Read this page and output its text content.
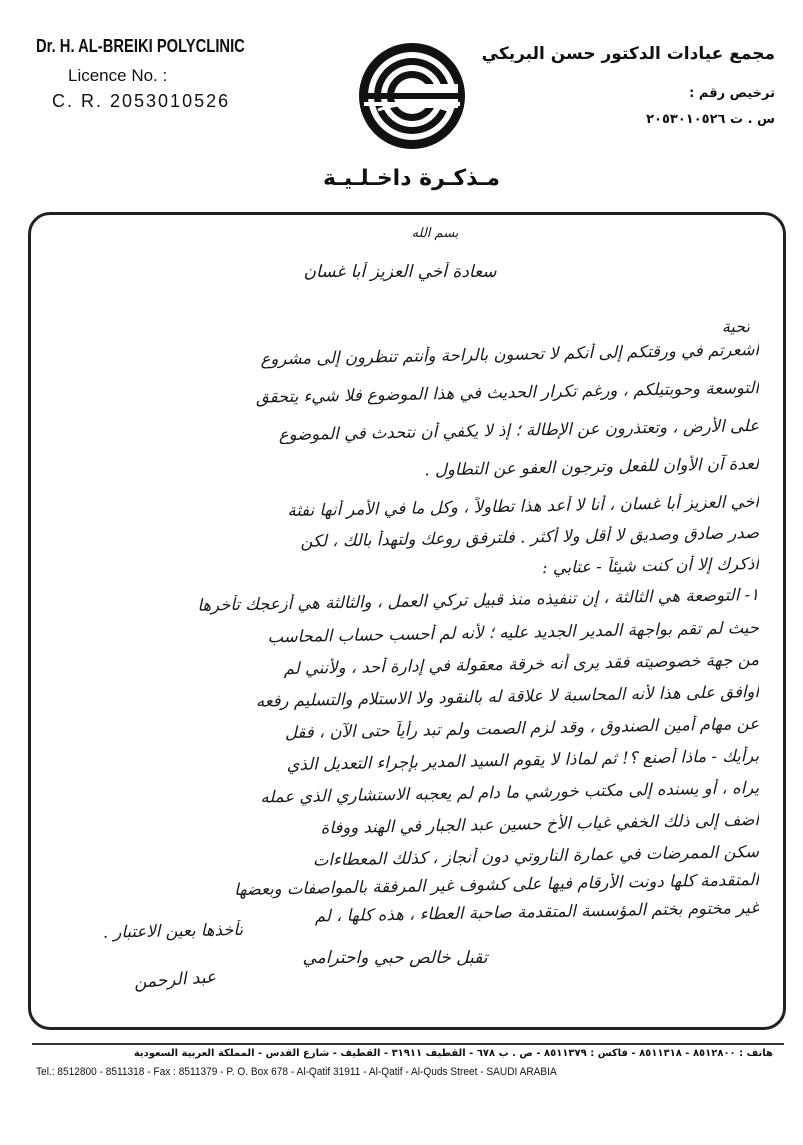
Dr. H. AL-BREIKI POLYCLINIC
Licence No. :
C. R. 2053010526
مجمع عيادات الدكتور حسن البريكي
ترخيص رقم :
س . ت ٢٠٥٣٠١٠٥٢٦
مـذكـرة داخـلـيـة
بسم الله
سعادة أخي العزيز أبا غسان
تحية
أشعرتم في ورقتكم إلى أنكم لا تحسون بالراحة وأنتم تنظرون إلى مشروع
التوسعة وحوبتيلكم ، ورغم تكرار الحديث في هذا الموضوع فلا شيء يتحقق
على الأرض ، وتعتذرون عن الإطالة ؛ إذ لا يكفي أن نتحدث في الموضوع
لعدة آن الأوان للفعل وترجون العفو عن التطاول .
أخي العزيز أبا غسان ، أنا لا أعد هذا تطاولاً ، وكل ما في الأمر أنها نفثة
صدر صادق وصديق لا أقل ولا أكثر . فلترفق روعك ولتهدأ بالك ، لكن
أذكرك إلا أن كنت شيئاً - عتابي :
١- التوصعة هي الثالثة ، إن تنفيذه منذ قبيل تركي العمل ، والثالثة هي أزعجك تأخرها
حيث لم تقم بواجهة المدير الجديد عليه ؛ لأنه لم أحسب حساب المحاسب
من جهة خصوصيته فقد يرى أنه خرقة معقولة في إدارة أحد ، ولأنني لم
أوافق على هذا لأنه المحاسبة لا علاقة له بالنقود ولا الاستلام والتسليم رفعه
عن مهام أمين الصندوق ، وقد لزم الصمت ولم تبد رأياً حتى الآن ، فقل
برأيك - ماذا أصنع ؟! ثم لماذا لا يقوم السيد المدير بإجراء التعديل الذي
يراه ، أو يسنده إلى مكتب خورشي ما دام لم يعجبه الاستشاري الذي عمله
أضف إلى ذلك الخفي غياب الأخ حسين عبد الجبار في الهند ووفاة
سكن الممرضات في عمارة الناروتي دون أنجاز ، كذلك المعطاءات
المتقدمة كلها دونت الأرقام فيها على كشوف غير المرفقة بالمواصفات وبعضها
غير مختوم بختم المؤسسة المتقدمة صاحبة العطاء ، هذه كلها ، لم
تأخذها بعين الاعتبار .
تقبل خالص حبي واحترامي
عبد الرحمن
هاتف : ٨٥١٢٨٠٠ - ٨٥١١٣١٨ - فاكس : ٨٥١١٣٧٩ - ص . ب ٦٧٨ - القطيف ٣١٩١١ - القطيف - شارع القدس - المملكة العربية السعودية
Tel.: 8512800 - 8511318 - Fax : 8511379 - P. O. Box 678 - Al-Qatif 31911 - Al-Qatif - Al-Quds Street - SAUDI ARABIA
